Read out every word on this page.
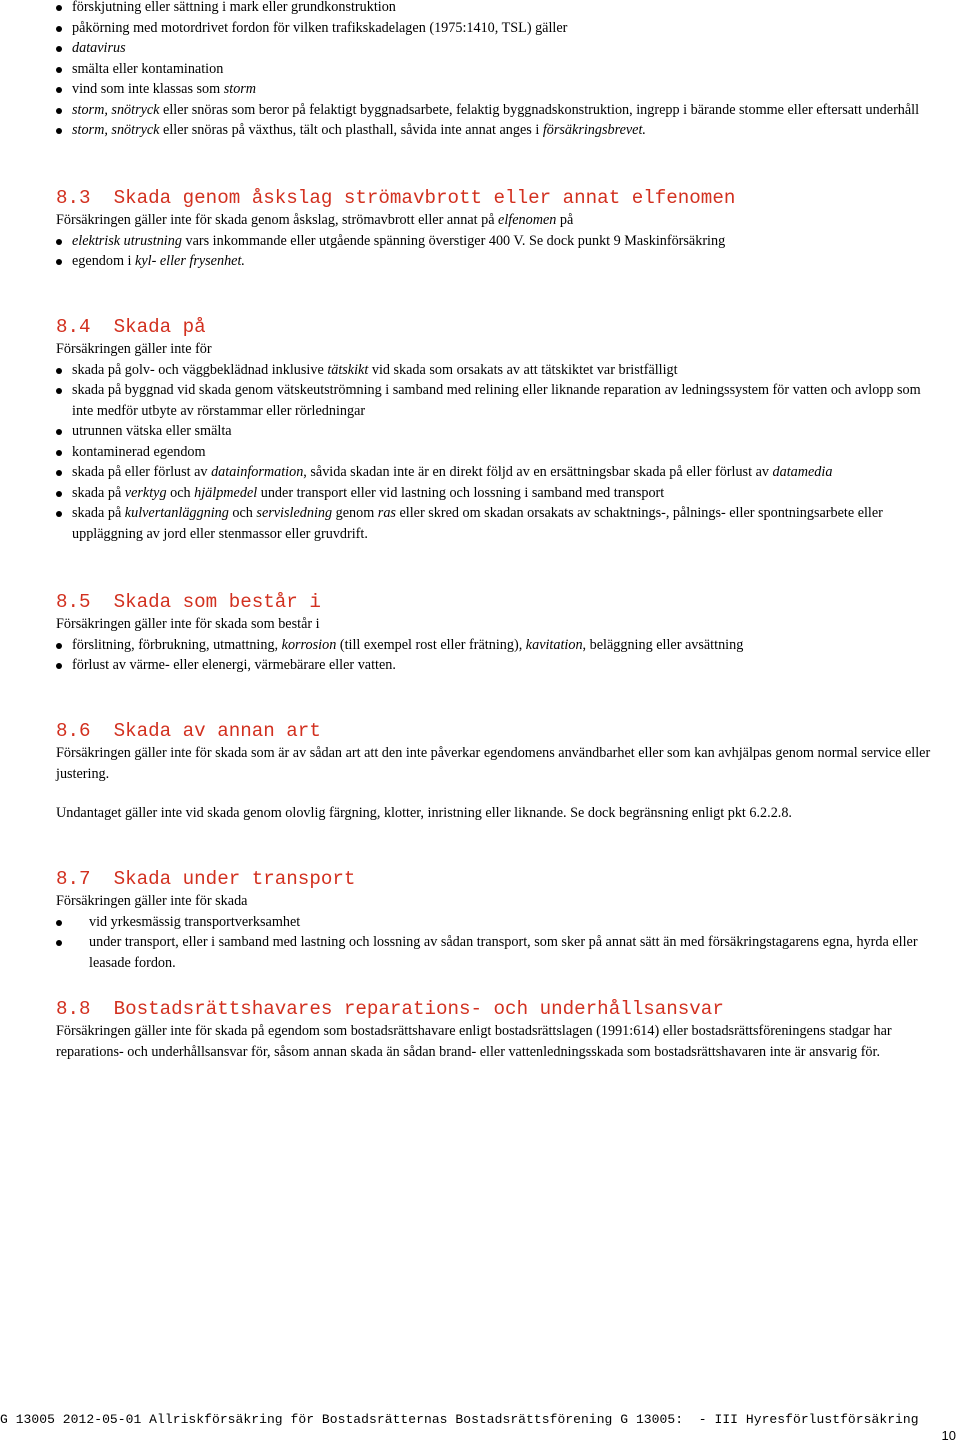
förskjutning eller sättning i mark eller grundkonstruktion
påkörning med motordrivet fordon för vilken trafikskadelagen (1975:1410, TSL) gäller
datavirus
smälta eller kontamination
vind som inte klassas som storm
storm, snötryck eller snöras som beror på felaktigt byggnadsarbete, felaktig byggnadskonstruktion, ingrepp i bärande stomme eller eftersatt underhåll
storm, snötryck eller snöras på växthus, tält och plasthall, såvida inte annat anges i försäkringsbrevet.
8.3  Skada genom åskslag strömavbrott eller annat elfenomen

Försäkringen gäller inte för skada genom åskslag, strömavbrott eller annat på elfenomen på

elektrisk utrustning vars inkommande eller utgående spänning överstiger 400 V. Se dock punkt 9 Maskinförsäkring
egendom i kyl- eller frysenhet.
8.4  Skada på

Försäkringen gäller inte för

skada på golv- och väggbeklädnad inklusive tätskikt vid skada som orsakats av att tätskiktet var bristfälligt
skada på byggnad vid skada genom vätskeutströmning i samband med relining eller liknande reparation av ledningssystem för vatten och avlopp som inte medför utbyte av rörstammar eller rörledningar
utrunnen vätska eller smälta
kontaminerad egendom
skada på eller förlust av datainformation, såvida skadan inte är en direkt följd av en ersättningsbar skada på eller förlust av datamedia
skada på verktyg och hjälpmedel under transport eller vid lastning och lossning i samband med transport
skada på kulvertanläggning och servisledning genom ras eller skred om skadan orsakats av schaktnings-, pålnings- eller spontningsarbete eller uppläggning av jord eller stenmassor eller gruvdrift.
8.5  Skada som består i

Försäkringen gäller inte för skada som består i

förslitning, förbrukning, utmattning, korrosion (till exempel rost eller frätning), kavitation, beläggning eller avsättning
förlust av värme- eller elenergi, värmebärare eller vatten.
8.6  Skada av annan art

Försäkringen gäller inte för skada som är av sådan art att den inte påverkar egendomens användbarhet eller som kan avhjälpas genom normal service eller justering.

Undantaget gäller inte vid skada genom olovlig färgning, klotter, inristning eller liknande. Se dock begränsning enligt pkt 6.2.2.8.

8.7  Skada under transport

Försäkringen gäller inte för skada

vid yrkesmässig transportverksamhet
under transport, eller i samband med lastning och lossning av sådan transport, som sker på annat sätt än med försäkringstagarens egna, hyrda eller leasade fordon.
8.8  Bostadsrättshavares reparations- och underhållsansvar

Försäkringen gäller inte för skada på egendom som bostadsrättshavare enligt bostadsrättslagen (1991:614) eller bostadsrättsföreningens stadgar har reparations- och underhållsansvar för, såsom annan skada än sådan brand- eller vattenledningsskada som bostadsrättshavaren inte är ansvarig för.

G 13005 2012-05-01 Allriskförsäkring för Bostadsrätternas Bostadsrättsförening G 13005:  - III Hyresförlustförsäkring
10
